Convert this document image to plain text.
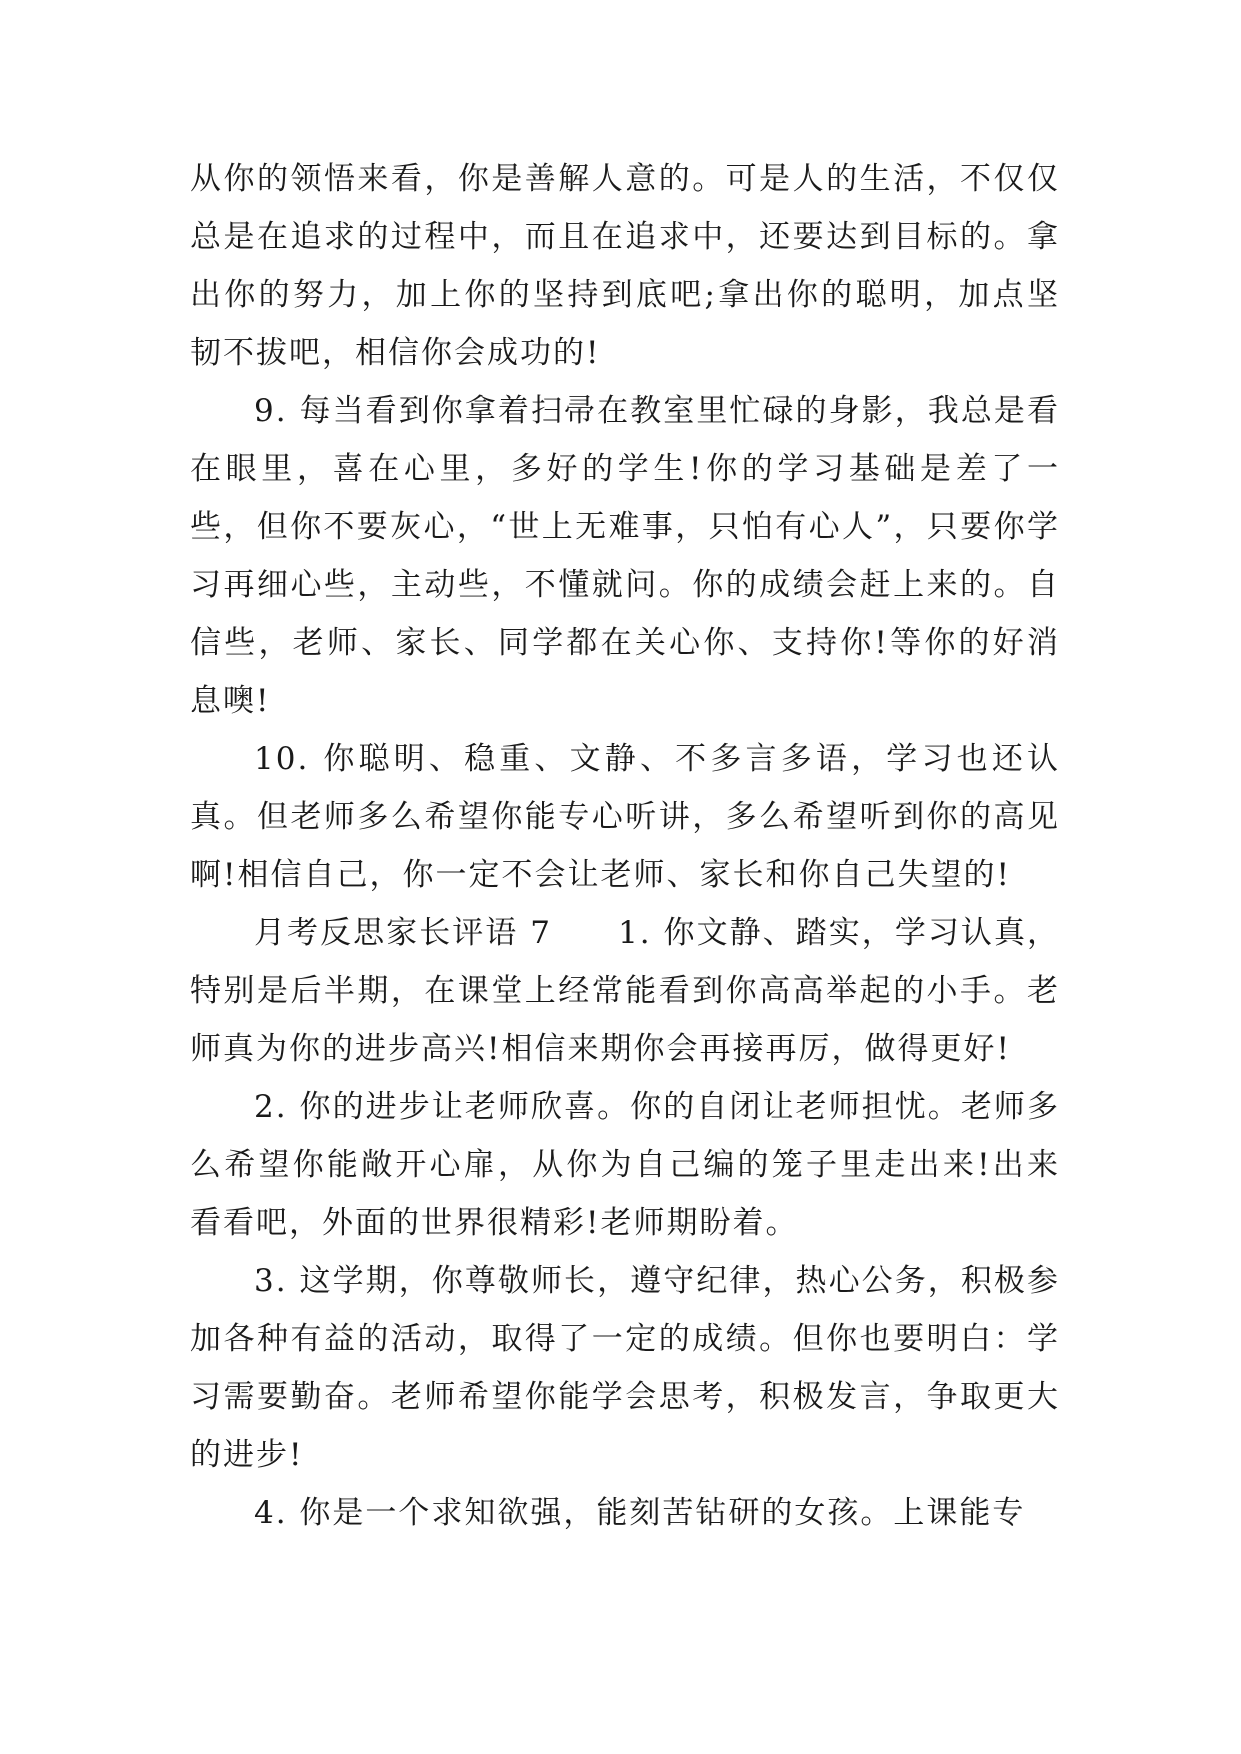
从你的领悟来看，你是善解人意的。可是人的生活，不仅仅总是在追求的过程中，而且在追求中，还要达到目标的。拿出你的努力，加上你的坚持到底吧;拿出你的聪明，加点坚韧不拔吧，相信你会成功的!

9. 每当看到你拿着扫帚在教室里忙碌的身影，我总是看在眼里，喜在心里，多好的学生!你的学习基础是差了一些，但你不要灰心，“世上无难事，只怕有心人”，只要你学习再细心些，主动些，不懂就问。你的成绩会赶上来的。自信些，老师、家长、同学都在关心你、支持你!等你的好消息噢!

10. 你聪明、稳重、文静、不多言多语，学习也还认真。但老师多么希望你能专心听讲，多么希望听到你的高见啊!相信自己，你一定不会让老师、家长和你自己失望的!

月考反思家长评语 7　　1. 你文静、踏实，学习认真，特别是后半期，在课堂上经常能看到你高高举起的小手。老师真为你的进步高兴!相信来期你会再接再厉，做得更好!

2. 你的进步让老师欣喜。你的自闭让老师担忧。老师多么希望你能敞开心扉，从你为自己编的笼子里走出来!出来看看吧，外面的世界很精彩!老师期盼着。

3. 这学期，你尊敬师长，遵守纪律，热心公务，积极参加各种有益的活动，取得了一定的成绩。但你也要明白：学习需要勤奋。老师希望你能学会思考，积极发言，争取更大的进步!

4. 你是一个求知欲强，能刻苦钻研的女孩。上课能专
